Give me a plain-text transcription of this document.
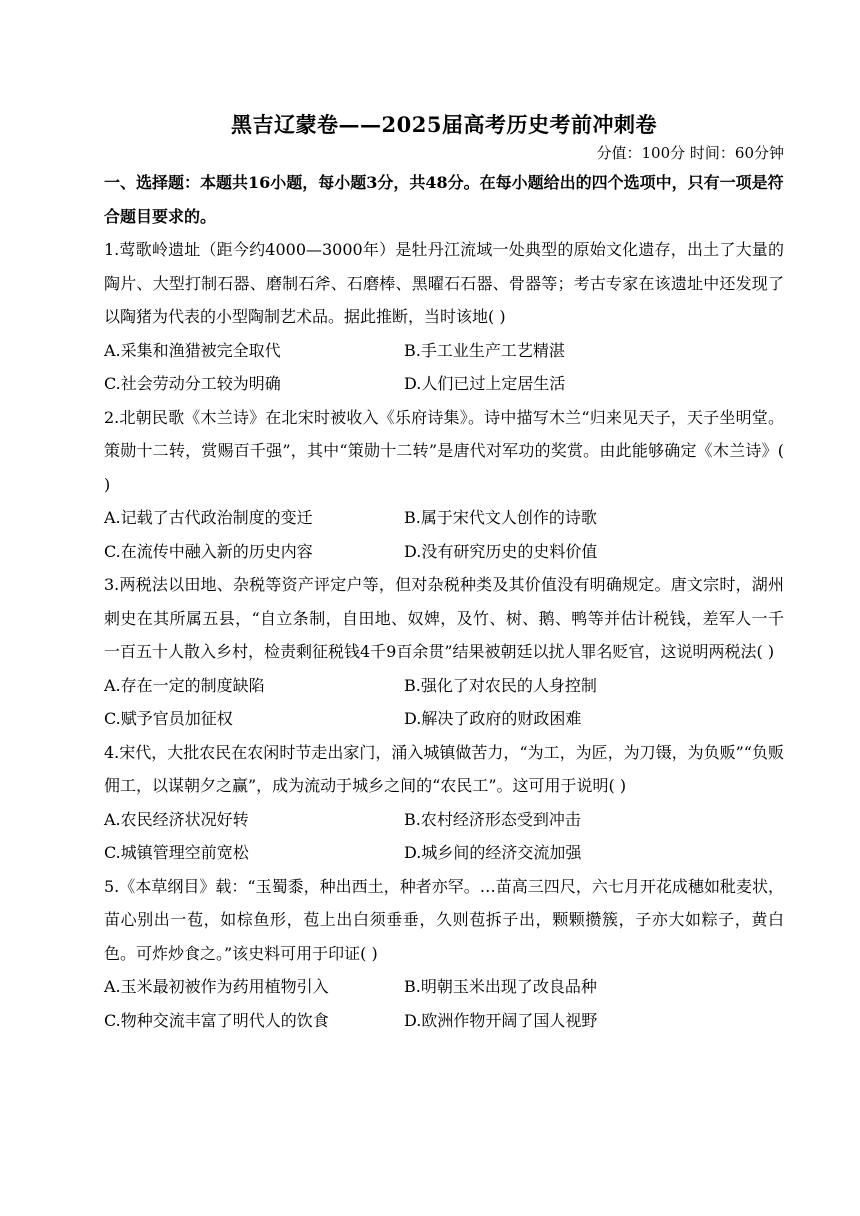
黑吉辽蒙卷——2025届高考历史考前冲刺卷

分值：100分 时间：60分钟

一、选择题：本题共16小题，每小题3分，共48分。在每小题给出的四个选项中，只有一项是符合题目要求的。

1.莺歌岭遗址（距今约4000—3000年）是牡丹江流域一处典型的原始文化遗存，出土了大量的陶片、大型打制石器、磨制石斧、石磨棒、黑曜石石器、骨器等；考古专家在该遗址中还发现了以陶猪为代表的小型陶制艺术品。据此推断，当时该地( )

A.采集和渔猎被完全取代	B.手工业生产工艺精湛
C.社会劳动分工较为明确	D.人们已过上定居生活

2.北朝民歌《木兰诗》在北宋时被收入《乐府诗集》。诗中描写木兰“归来见天子，天子坐明堂。策勋十二转，赏赐百千强”，其中“策勋十二转”是唐代对军功的奖赏。由此能够确定《木兰诗》( )

A.记载了古代政治制度的变迁	B.属于宋代文人创作的诗歌
C.在流传中融入新的历史内容	D.没有研究历史的史料价值

3.两税法以田地、杂税等资产评定户等，但对杂税种类及其价值没有明确规定。唐文宗时，湖州刺史在其所属五县，“自立条制，自田地、奴婢，及竹、树、鹅、鸭等并估计税钱，差军人一千一百五十人散入乡村，检责剩征税钱4千9百余贯”结果被朝廷以扰人罪名贬官，这说明两税法( )

A.存在一定的制度缺陷	B.强化了对农民的人身控制
C.赋予官员加征权	D.解决了政府的财政困难

4.宋代，大批农民在农闲时节走出家门，涌入城镇做苦力，“为工，为匠，为刀镊，为负贩”“负贩佣工，以谋朝夕之赢”，成为流动于城乡之间的“农民工”。这可用于说明( )

A.农民经济状况好转	B.农村经济形态受到冲击
C.城镇管理空前宽松	D.城乡间的经济交流加强

5.《本草纲目》载：“玉蜀黍，种出西土，种者亦罕。…苗高三四尺，六七月开花成穗如秕麦状，苗心别出一苞，如棕鱼形，苞上出白须垂垂，久则苞拆子出，颗颗攒簇，子亦大如粽子，黄白色。可炸炒食之。”该史料可用于印证( )

A.玉米最初被作为药用植物引入	B.明朝玉米出现了改良品种
C.物种交流丰富了明代人的饮食	D.欧洲作物开阔了国人视野
